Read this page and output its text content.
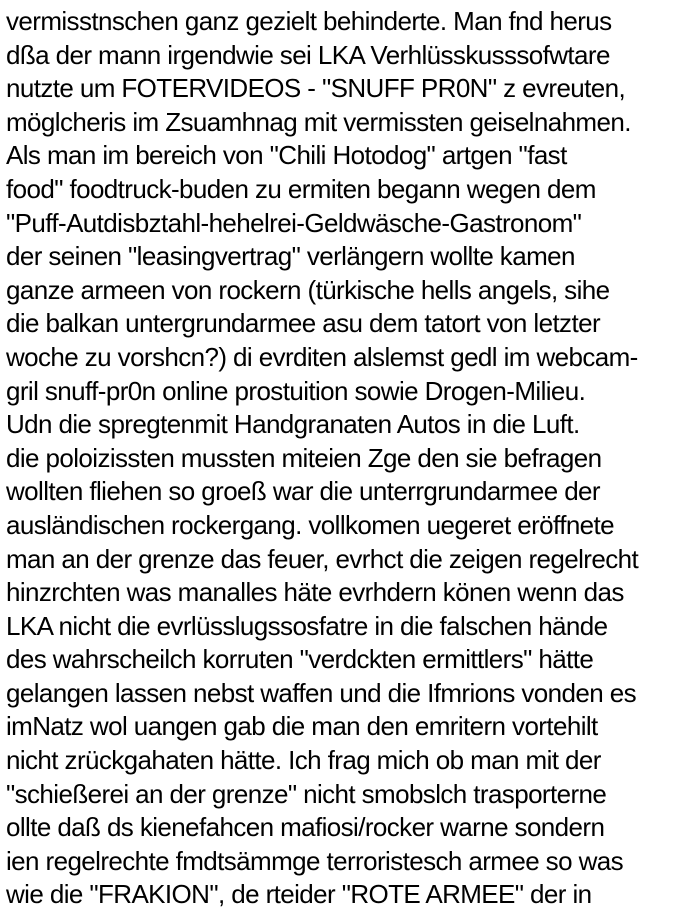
vermisstnschen ganz gezielt behinderte. Man fnd herus
dßa der mann irgendwie sei LKA Verhlüsskusssofwtare
nutzte um FOTERVIDEOS - "SNUFF PR0N" z evreuten,
möglcheris im Zsuamhnag mit vermissten geiselnahmen.
Als man im bereich von "Chili Hotodog" artgen "fast
food" foodtruck-buden zu ermiten begann wegen dem
"Puff-Autdisbztahl-hehelrei-Geldwäsche-Gastronom"
der seinen "leasingvertrag" verlängern wollte kamen
ganze armeen von rockern (türkische hells angels, sihe
die balkan untergrundarmee asu dem tatort von letzter
woche zu vorshcn?) di evrditen alslemst gedl im webcam-
gril snuff-pr0n online prostuition sowie Drogen-Milieu.
Udn die spregtenmit Handgranaten Autos in die Luft.
die poloizissten mussten miteien Zge den sie befragen
wollten fliehen so groeß war die unterrgrundarmee der
ausländischen rockergang. vollkomen uegeret eröffnete
man an der grenze das feuer, evrhct die zeigen regelrecht
hinzrchten was manalles häte evrhdern könen wenn das
LKA nicht die evrlüsslugssosfatre in die falschen hände
des wahrscheilch korruten "verdckten ermittlers" hätte
gelangen lassen nebst waffen und die Ifmrions vonden es
imNatz wol uangen gab die man den emritern vortehilt
nicht zrückgahaten hätte. Ich frag mich ob man mit der
"schießerei an der grenze" nicht smobslch trasporterne
ollte daß ds kienefahcen mafiosi/rocker warne sondern
ien regelrechte fmdtsämmge terroristesch armee so was
wie die "FRAKION", de rteider "ROTE ARMEE" der in
